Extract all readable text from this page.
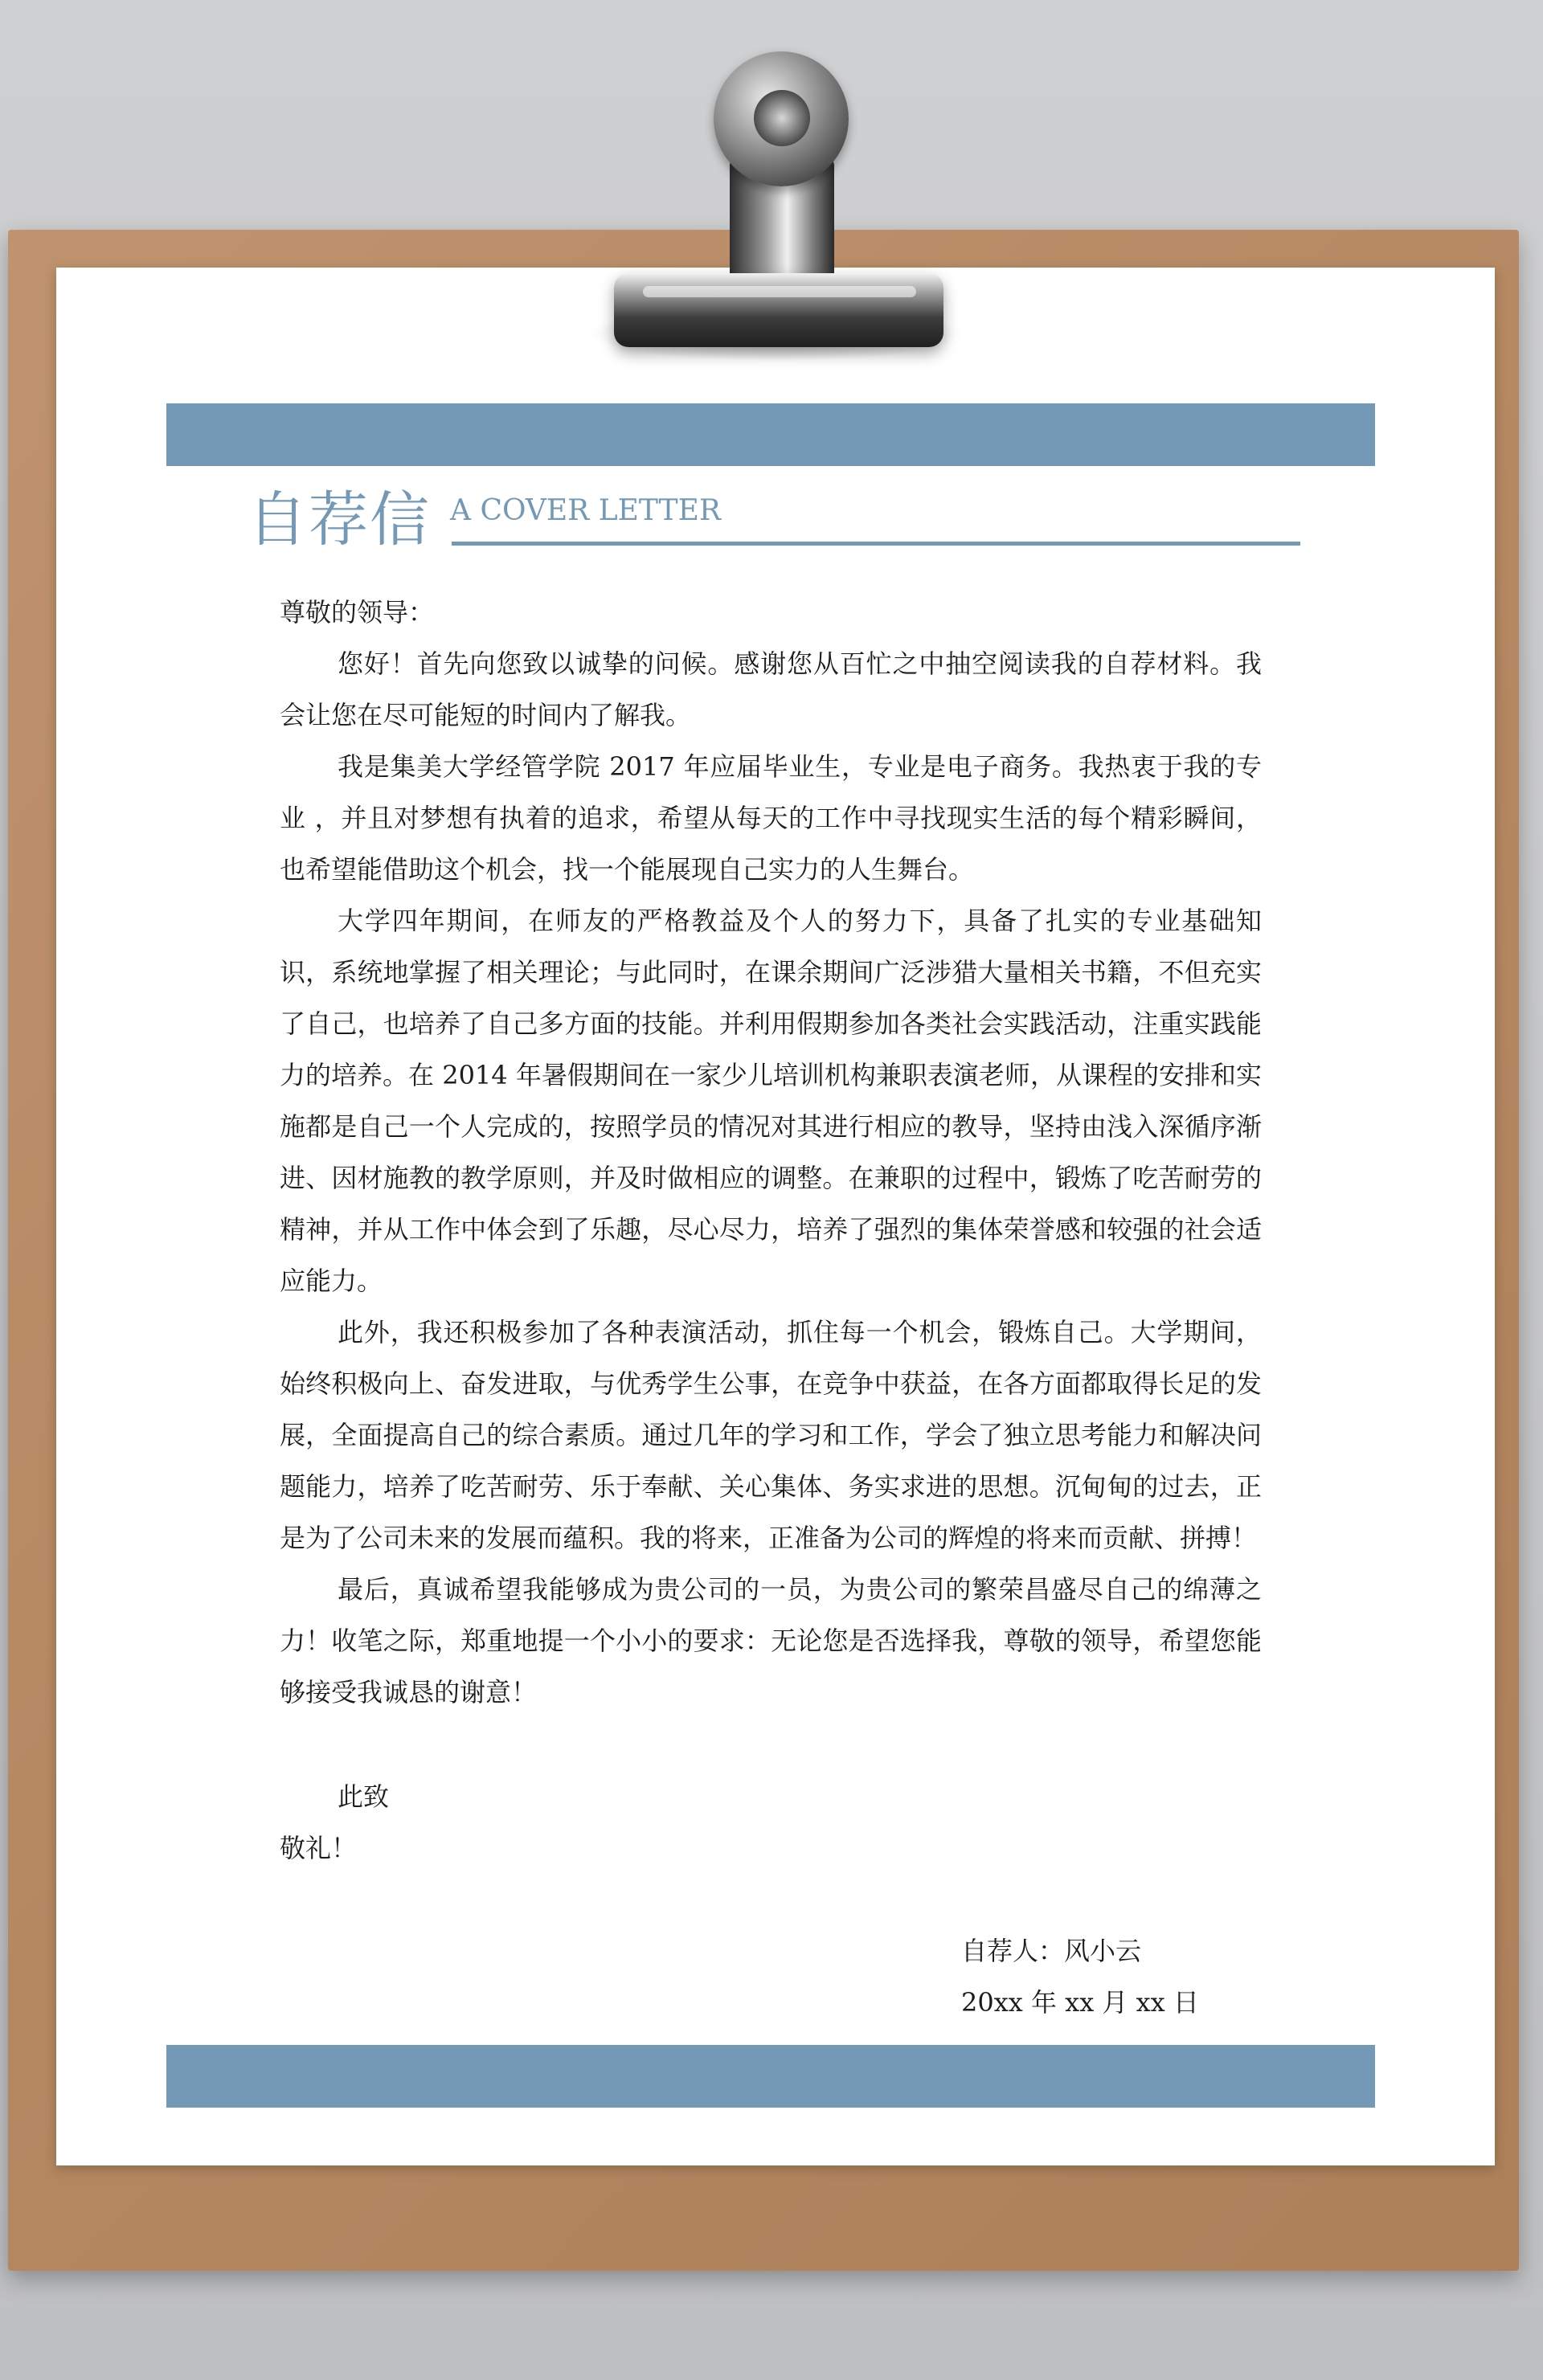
自荐信 A COVER LETTER

尊敬的领导：

您好！首先向您致以诚挚的问候。感谢您从百忙之中抽空阅读我的自荐材料。我会让您在尽可能短的时间内了解我。

我是集美大学经管学院 2017 年应届毕业生，专业是电子商务。我热衷于我的专业 ，并且对梦想有执着的追求，希望从每天的工作中寻找现实生活的每个精彩瞬间，也希望能借助这个机会，找一个能展现自己实力的人生舞台。

大学四年期间，在师友的严格教益及个人的努力下，具备了扎实的专业基础知识，系统地掌握了相关理论；与此同时，在课余期间广泛涉猎大量相关书籍，不但充实了自己，也培养了自己多方面的技能。并利用假期参加各类社会实践活动，注重实践能力的培养。在 2014 年暑假期间在一家少儿培训机构兼职表演老师，从课程的安排和实施都是自己一个人完成的，按照学员的情况对其进行相应的教导，坚持由浅入深循序渐进、因材施教的教学原则，并及时做相应的调整。在兼职的过程中，锻炼了吃苦耐劳的精神，并从工作中体会到了乐趣，尽心尽力，培养了强烈的集体荣誉感和较强的社会适应能力。

此外，我还积极参加了各种表演活动，抓住每一个机会，锻炼自己。大学期间，始终积极向上、奋发进取，与优秀学生公事，在竞争中获益，在各方面都取得长足的发展，全面提高自己的综合素质。通过几年的学习和工作，学会了独立思考能力和解决问题能力，培养了吃苦耐劳、乐于奉献、关心集体、务实求进的思想。沉甸甸的过去，正是为了公司未来的发展而蕴积。我的将来，正准备为公司的辉煌的将来而贡献、拼搏！

最后，真诚希望我能够成为贵公司的一员，为贵公司的繁荣昌盛尽自己的绵薄之力！收笔之际，郑重地提一个小小的要求：无论您是否选择我，尊敬的领导，希望您能够接受我诚恳的谢意！

此致

敬礼！

自荐人：风小云
20xx 年 xx 月 xx 日
